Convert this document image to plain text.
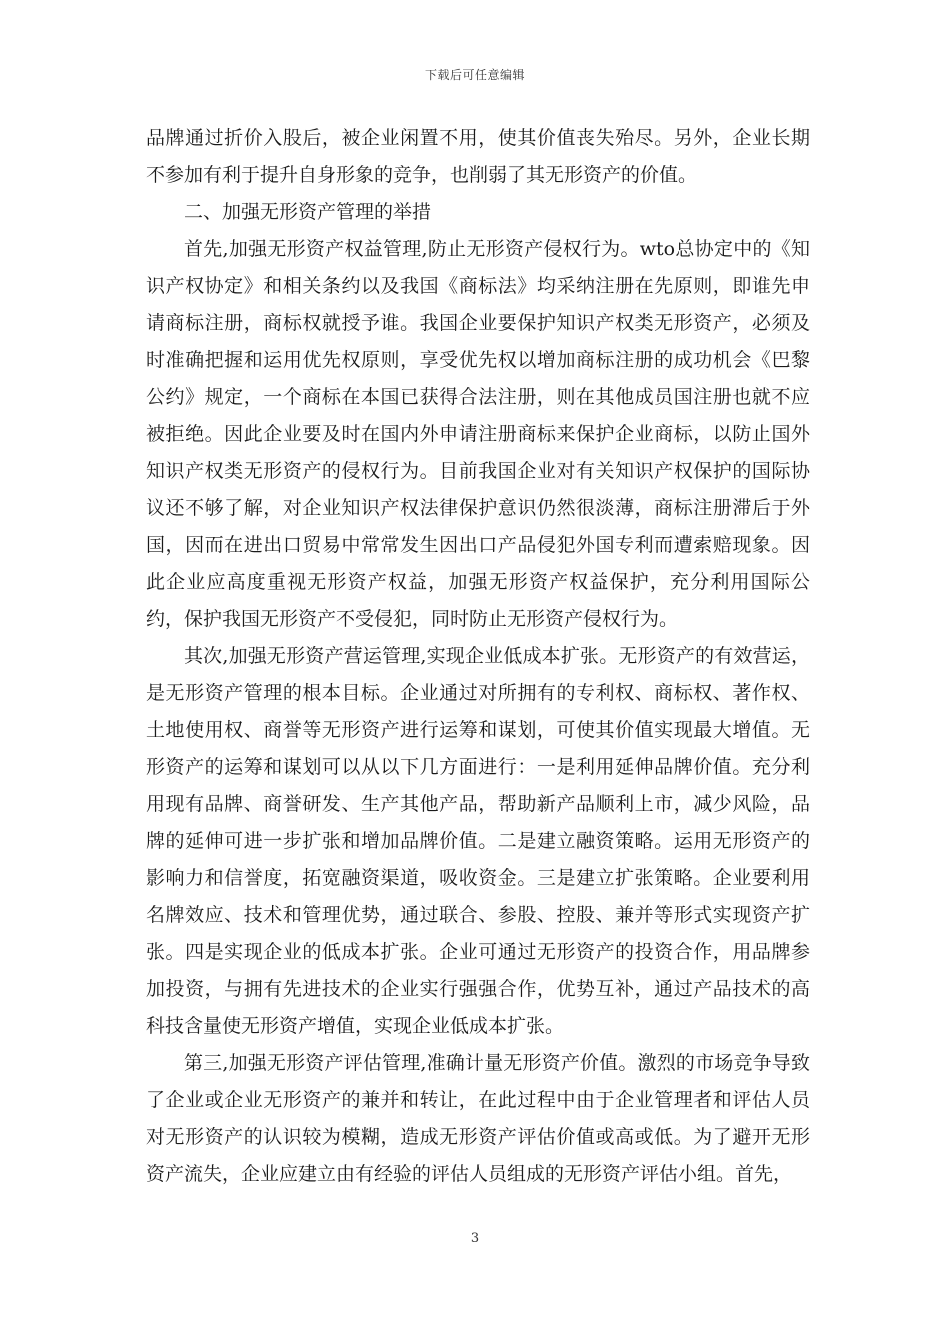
下载后可任意编辑

品牌通过折价入股后，被企业闲置不用，使其价值丧失殆尽。另外，企业长期不参加有利于提升自身形象的竞争，也削弱了其无形资产的价值。

二、加强无形资产管理的举措

首先,加强无形资产权益管理,防止无形资产侵权行为。wto总协定中的《知识产权协定》和相关条约以及我国《商标法》均采纳注册在先原则，即谁先申请商标注册，商标权就授予谁。我国企业要保护知识产权类无形资产，必须及时准确把握和运用优先权原则，享受优先权以增加商标注册的成功机会《巴黎公约》规定，一个商标在本国已获得合法注册，则在其他成员国注册也就不应被拒绝。因此企业要及时在国内外申请注册商标来保护企业商标，以防止国外知识产权类无形资产的侵权行为。目前我国企业对有关知识产权保护的国际协议还不够了解，对企业知识产权法律保护意识仍然很淡薄，商标注册滞后于外国，因而在进出口贸易中常常发生因出口产品侵犯外国专利而遭索赔现象。因此企业应高度重视无形资产权益，加强无形资产权益保护，充分利用国际公约，保护我国无形资产不受侵犯，同时防止无形资产侵权行为。

其次,加强无形资产营运管理,实现企业低成本扩张。无形资产的有效营运，是无形资产管理的根本目标。企业通过对所拥有的专利权、商标权、著作权、土地使用权、商誉等无形资产进行运筹和谋划，可使其价值实现最大增值。无形资产的运筹和谋划可以从以下几方面进行：一是利用延伸品牌价值。充分利用现有品牌、商誉研发、生产其他产品，帮助新产品顺利上市，减少风险，品牌的延伸可进一步扩张和增加品牌价值。二是建立融资策略。运用无形资产的影响力和信誉度，拓宽融资渠道，吸收资金。三是建立扩张策略。企业要利用名牌效应、技术和管理优势，通过联合、参股、控股、兼并等形式实现资产扩张。四是实现企业的低成本扩张。企业可通过无形资产的投资合作，用品牌参加投资，与拥有先进技术的企业实行强强合作，优势互补，通过产品技术的高科技含量使无形资产增值，实现企业低成本扩张。

第三,加强无形资产评估管理,准确计量无形资产价值。激烈的市场竞争导致了企业或企业无形资产的兼并和转让，在此过程中由于企业管理者和评估人员对无形资产的认识较为模糊，造成无形资产评估价值或高或低。为了避开无形资产流失，企业应建立由有经验的评估人员组成的无形资产评估小组。首先，

3
